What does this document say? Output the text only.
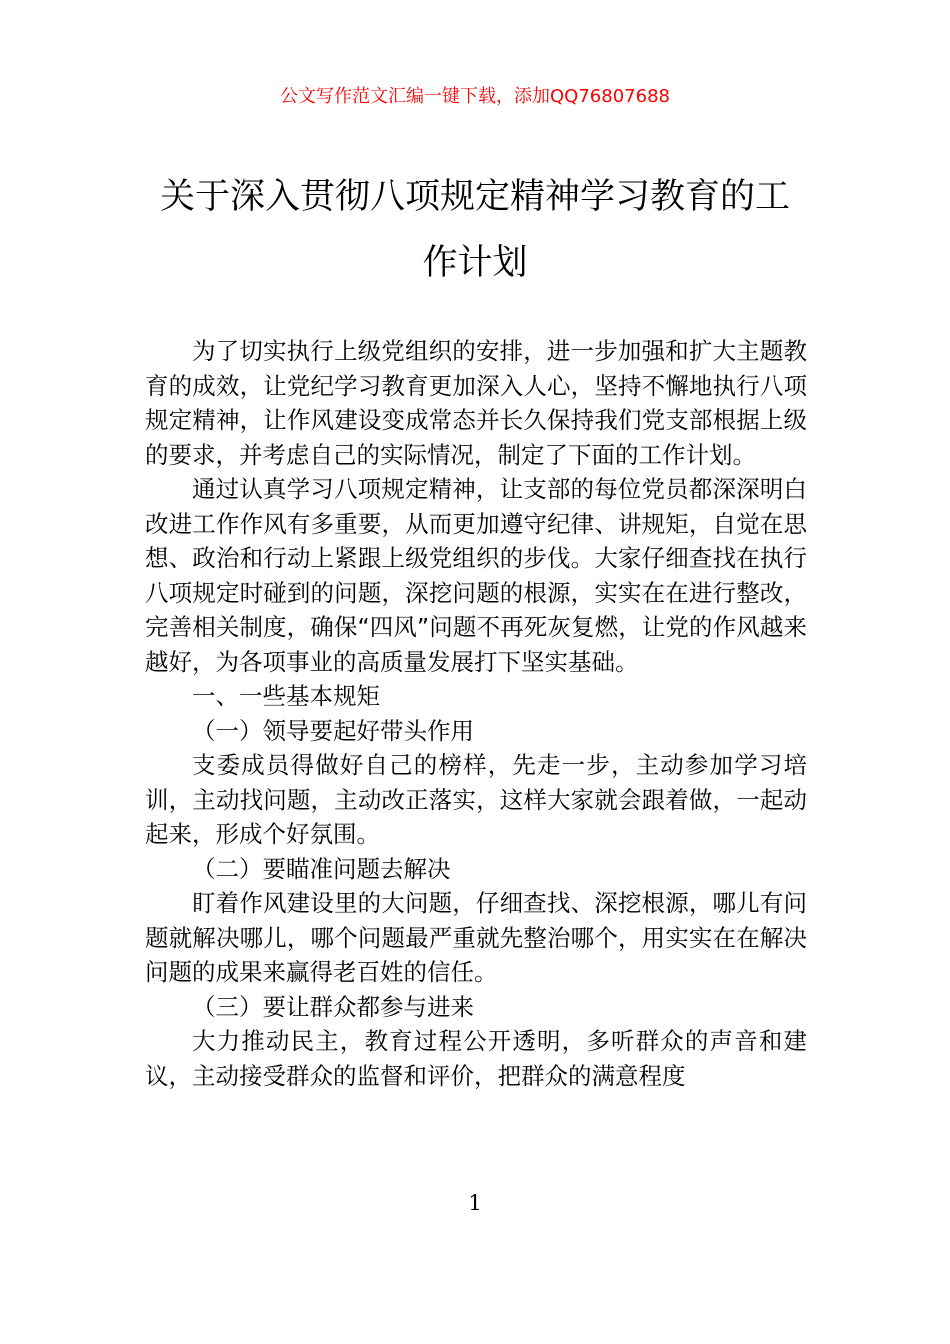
公文写作范文汇编一键下载，添加QQ76807688
关于深入贯彻八项规定精神学习教育的工
作计划

为了切实执行上级党组织的安排，进一步加强和扩大主题教育的成效，让党纪学习教育更加深入人心，坚持不懈地执行八项规定精神，让作风建设变成常态并长久保持我们党支部根据上级的要求，并考虑自己的实际情况，制定了下面的工作计划。

通过认真学习八项规定精神，让支部的每位党员都深深明白改进工作作风有多重要，从而更加遵守纪律、讲规矩，自觉在思想、政治和行动上紧跟上级党组织的步伐。大家仔细查找在执行八项规定时碰到的问题，深挖问题的根源，实实在在进行整改，完善相关制度，确保“四风”问题不再死灰复燃，让党的作风越来越好，为各项事业的高质量发展打下坚实基础。

一、一些基本规矩

（一）领导要起好带头作用

支委成员得做好自己的榜样，先走一步，主动参加学习培训，主动找问题，主动改正落实，这样大家就会跟着做，一起动起来，形成个好氛围。

（二）要瞄准问题去解决

盯着作风建设里的大问题，仔细查找、深挖根源，哪儿有问题就解决哪儿，哪个问题最严重就先整治哪个，用实实在在解决问题的成果来赢得老百姓的信任。

（三）要让群众都参与进来

大力推动民主，教育过程公开透明，多听群众的声音和建议，主动接受群众的监督和评价，把群众的满意程度

1
